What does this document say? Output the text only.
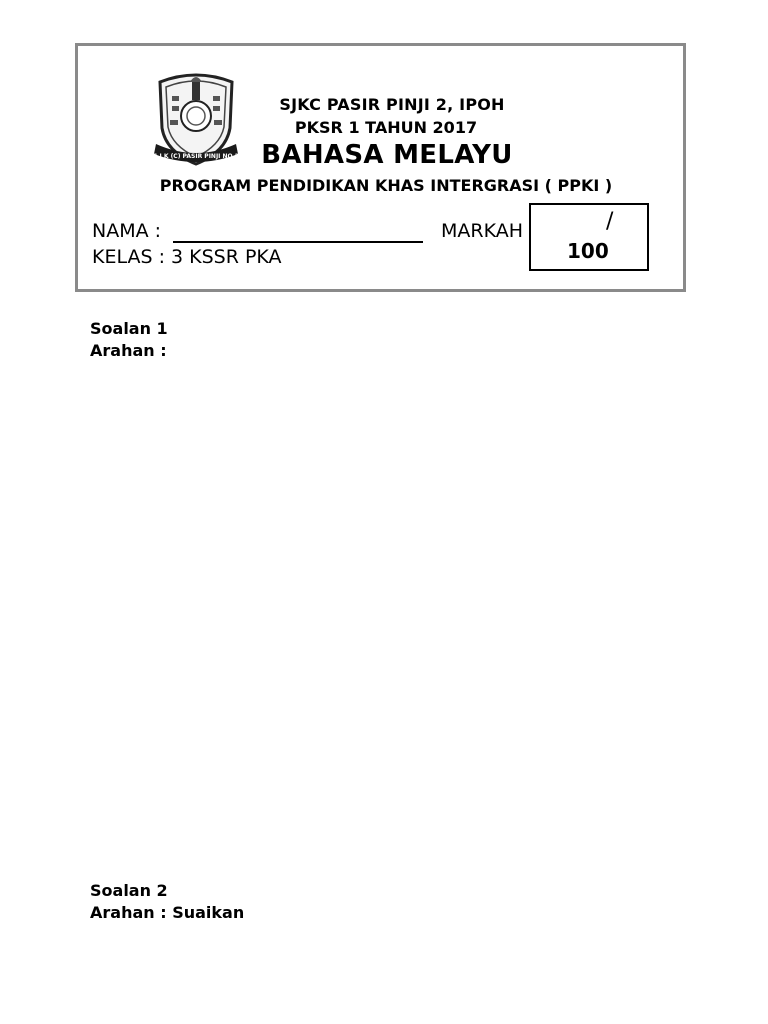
S J K (C) PASIR PINJI NO 2
SJKC PASIR PINJI 2, IPOH
PKSR 1 TAHUN 2017
BAHASA MELAYU
PROGRAM PENDIDIKAN KHAS INTERGRASI ( PPKI )
NAMA :	MARKAH
KELAS : 3 KSSR PKA
/
100
Soalan 1
Arahan :
Soalan 2
Arahan : Suaikan
